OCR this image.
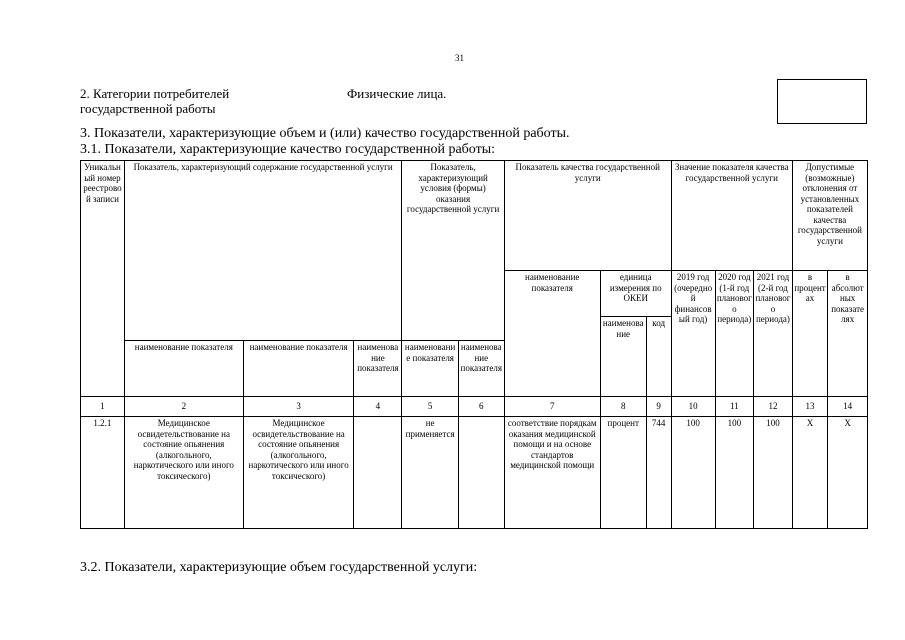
31
2. Категории потребителей
государственной работы
Физические лица.
3. Показатели, характеризующие объем и (или) качество государственной работы.
3.1. Показатели, характеризующие качество государственной работы:
Уникальный номер реестровой записи	Показатель, характеризующий содержание государственной услуги			Показатель, характеризующий условия (формы) оказания государственной услуги		Показатель качества государственной услуги			Значение показателя качества государственной услуги			Допустимые (возможные) отклонения от установленных показателей качества государственной услуги	
						наименование показателя	единица измерения по ОКЕИ		2019 год (очередной финансовый год)	2020 год (1-й год планового периода)	2021 год (2-й год планового периода)	в процентах	в абсолютных показателях
							наименование	код					
	наименование показателя	наименование показателя	наименование показателя	наименование показателя	наименование показателя								
1	2	3	4	5	6	7	8	9	10	11	12	13	14
1.2.1	Медицинское освидетельствование на состояние опьянения (алкогольного, наркотического или иного токсического)	Медицинское освидетельствование на состояние опьянения (алкогольного, наркотического или иного токсического)		не применяется		соответствие порядкам оказания медицинской помощи и на основе стандартов медицинской помощи	процент	744	100	100	100	Х	Х
3.2. Показатели, характеризующие объем государственной услуги:
